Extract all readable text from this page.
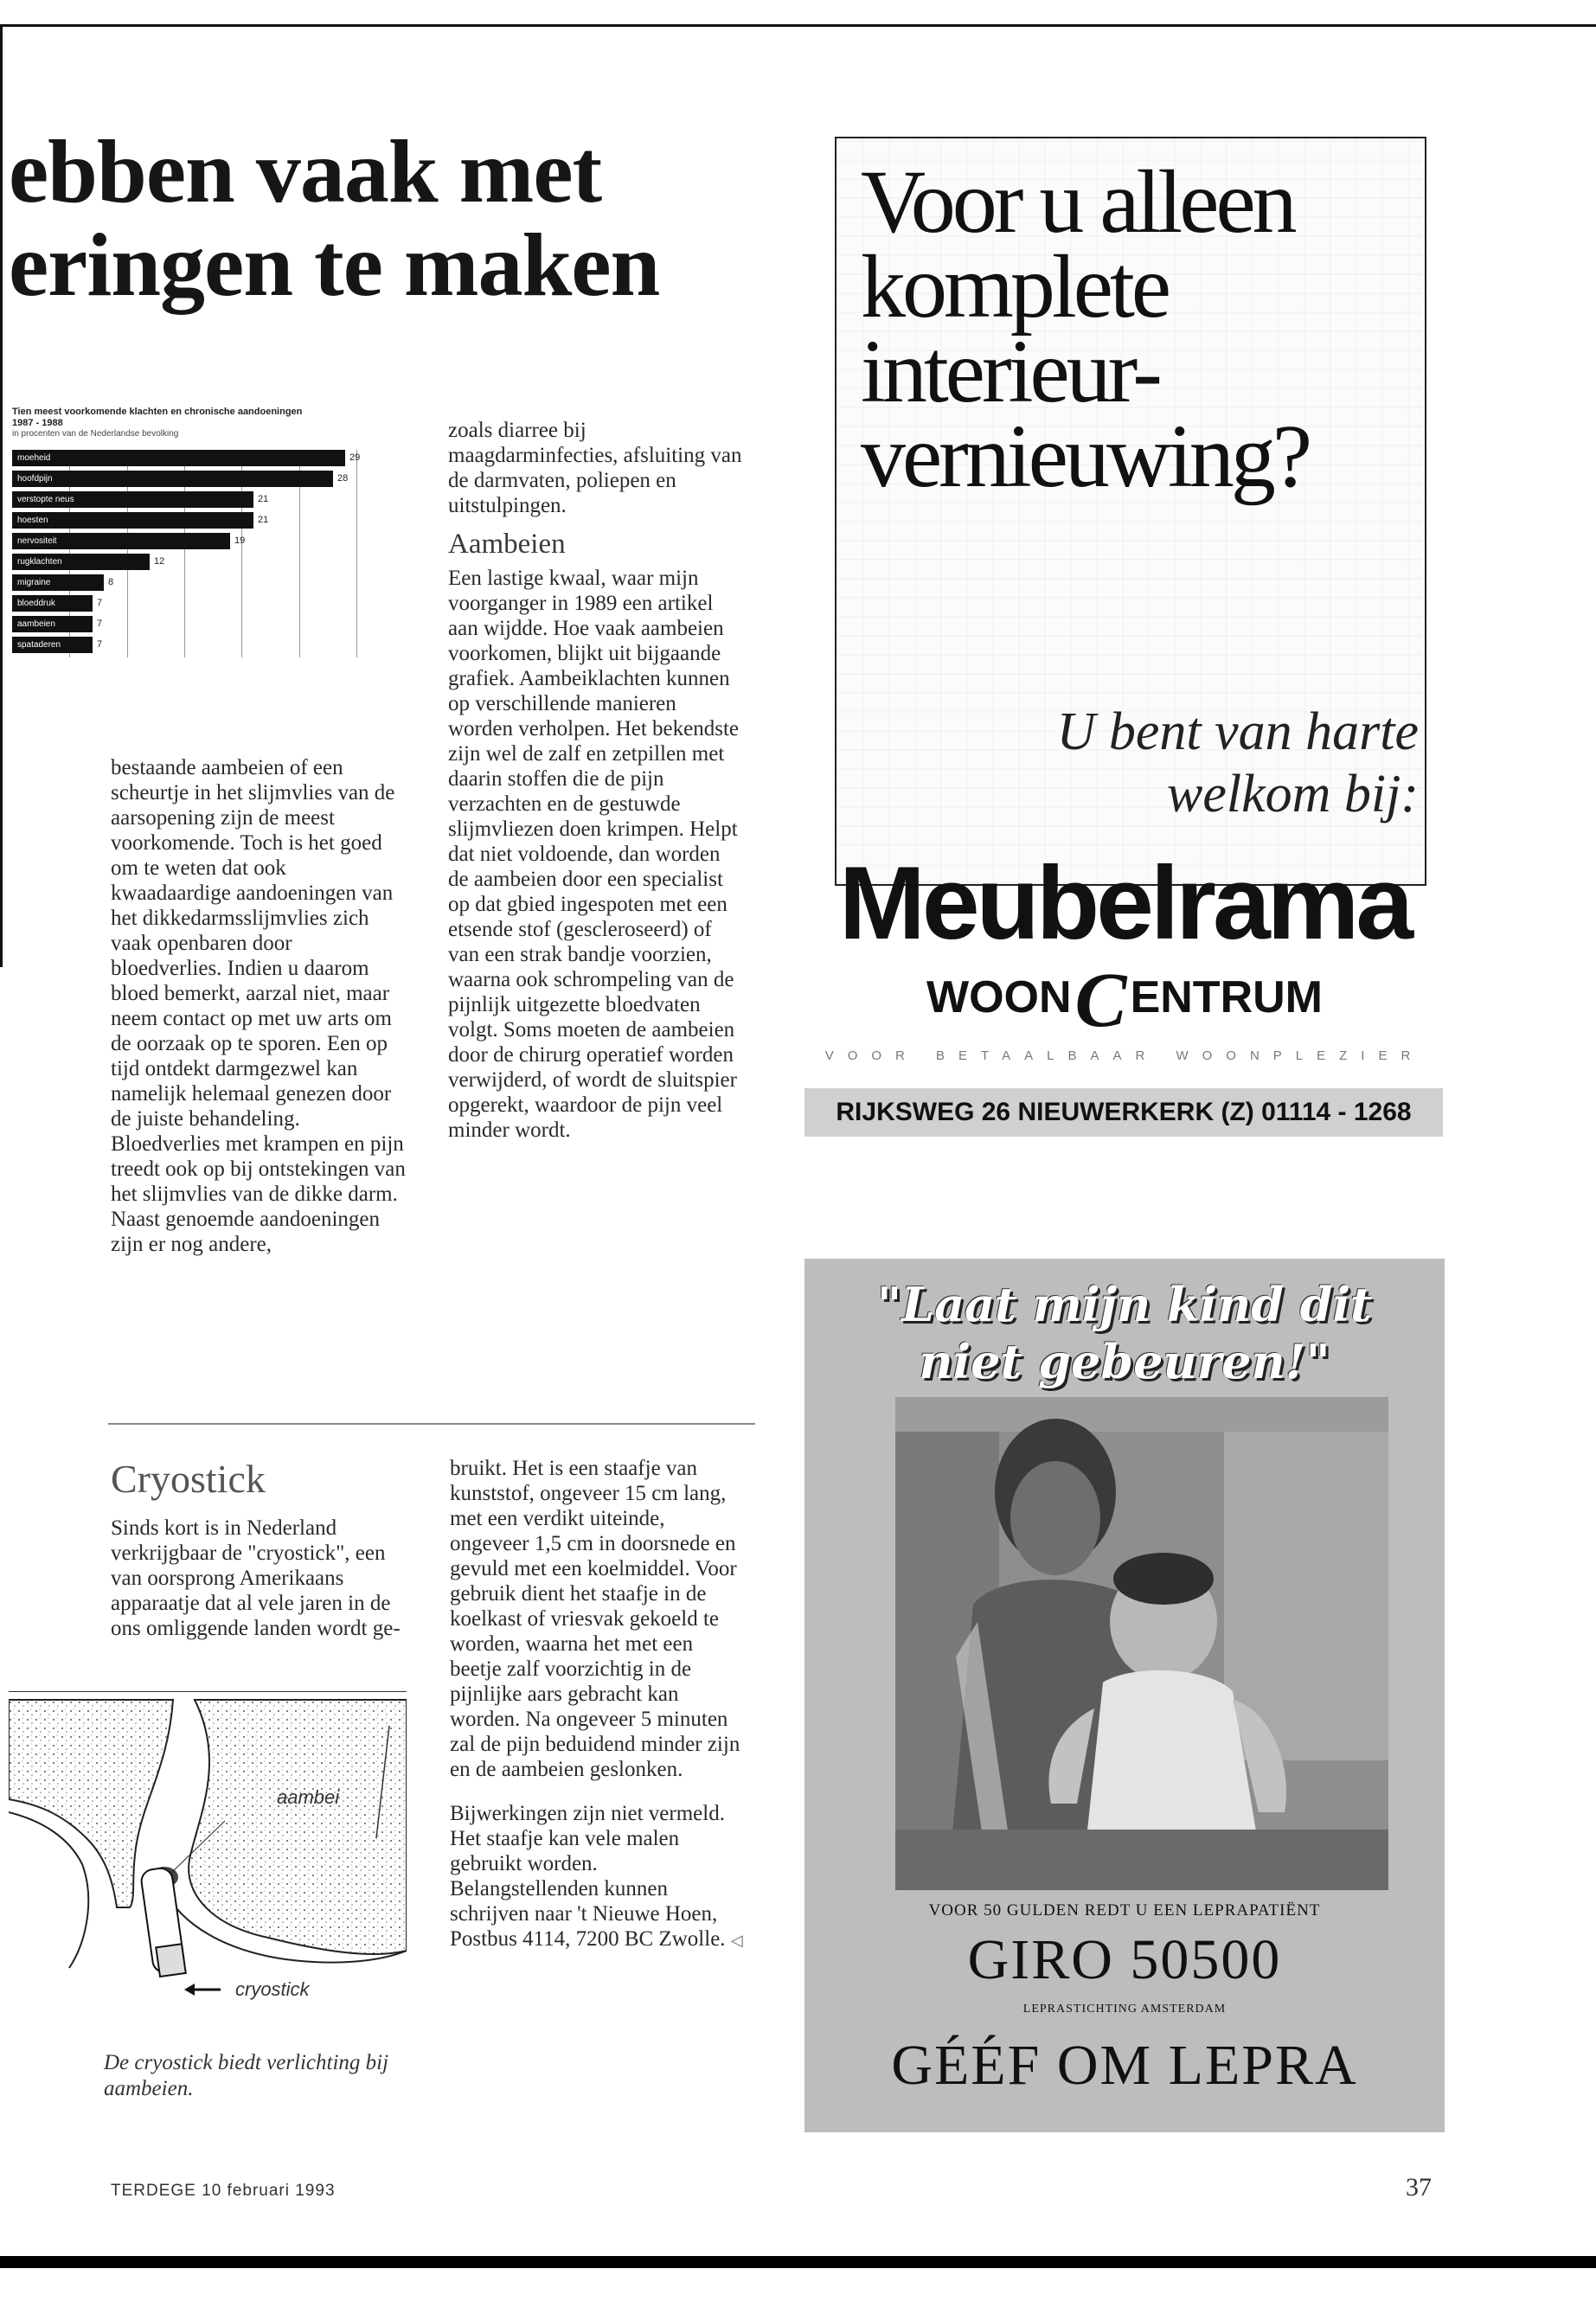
ebben vaak met
eringen te maken
Tien meest voorkomende klachten en chronische aandoeningen
1987 - 1988
in procenten van de Nederlandse bevolking
moeheid	29
hoofdpijn	28
verstopte neus	21
hoesten	21
nervositeit	19
rugklachten	12
migraine	8
bloeddruk	7
aambeien	7
spataderen	7
bestaande aambeien of een scheurtje in het slijmvlies van de aarsopening zijn de meest voorkomende. Toch is het goed om te weten dat ook kwaadaardige aandoeningen van het dikkedarmsslijmvlies zich vaak openbaren door bloedverlies. Indien u daarom bloed bemerkt, aarzal niet, maar neem contact op met uw arts om de oorzaak op te sporen. Een op tijd ontdekt darmgezwel kan namelijk helemaal genezen door de juiste behandeling. Bloedverlies met krampen en pijn treedt ook op bij ontstekingen van het slijmvlies van de dikke darm. Naast genoemde aandoeningen zijn er nog andere,
zoals diarree bij maagdarminfecties, afsluiting van de darmvaten, poliepen en uitstulpingen.
Aambeien
Een lastige kwaal, waar mijn voorganger in 1989 een artikel aan wijdde. Hoe vaak aambeien voorkomen, blijkt uit bijgaande grafiek. Aambeiklachten kunnen op verschillende manieren worden verholpen. Het bekendste zijn wel de zalf en zetpillen met daarin stoffen die de pijn verzachten en de gestuwde slijmvliezen doen krimpen. Helpt dat niet voldoende, dan worden de aambeien door een specialist op dat gbied ingespoten met een etsende stof (gescleroseerd) of van een strak bandje voorzien, waarna ook schrompeling van de pijnlijk uitgezette bloedvaten volgt. Soms moeten de aambeien door de chirurg operatief worden verwijderd, of wordt de sluitspier opgerekt, waardoor de pijn veel minder wordt.
Cryostick
Sinds kort is in Nederland verkrijgbaar de "cryostick", een van oorsprong Amerikaans apparaatje dat al vele jaren in de ons omliggende landen wordt ge-
bruikt. Het is een staafje van kunststof, ongeveer 15 cm lang, met een verdikt uiteinde, ongeveer 1,5 cm in doorsnede en gevuld met een koelmiddel. Voor gebruik dient het staafje in de koelkast of vriesvak gekoeld te worden, waarna het met een beetje zalf voorzichtig in de pijnlijke aars gebracht kan worden. Na ongeveer 5 minuten zal de pijn beduidend minder zijn en de aambeien geslonken.
Bijwerkingen zijn niet vermeld. Het staafje kan vele malen gebruikt worden. Belangstellenden kunnen schrijven naar 't Nieuwe Hoen, Postbus 4114, 7200 BC Zwolle. ◁
aambei
cryostick
De cryostick biedt verlichting bij aambeien.
Voor u alleen
komplete
interieur-
vernieuwing?
U bent van harte
welkom bij:
Meubelrama
WOONCENTRUM
VOOR BETAALBAAR WOONPLEZIER
RIJKSWEG 26 NIEUWERKERK (Z) 01114 - 1268
"Laat mijn kind dit
niet gebeuren!"
VOOR 50 GULDEN REDT U EEN LEPRAPATIËNT
GIRO 50500
LEPRASTICHTING AMSTERDAM
GÉÉF OM LEPRA
TERDEGE 10 februari 1993	37
